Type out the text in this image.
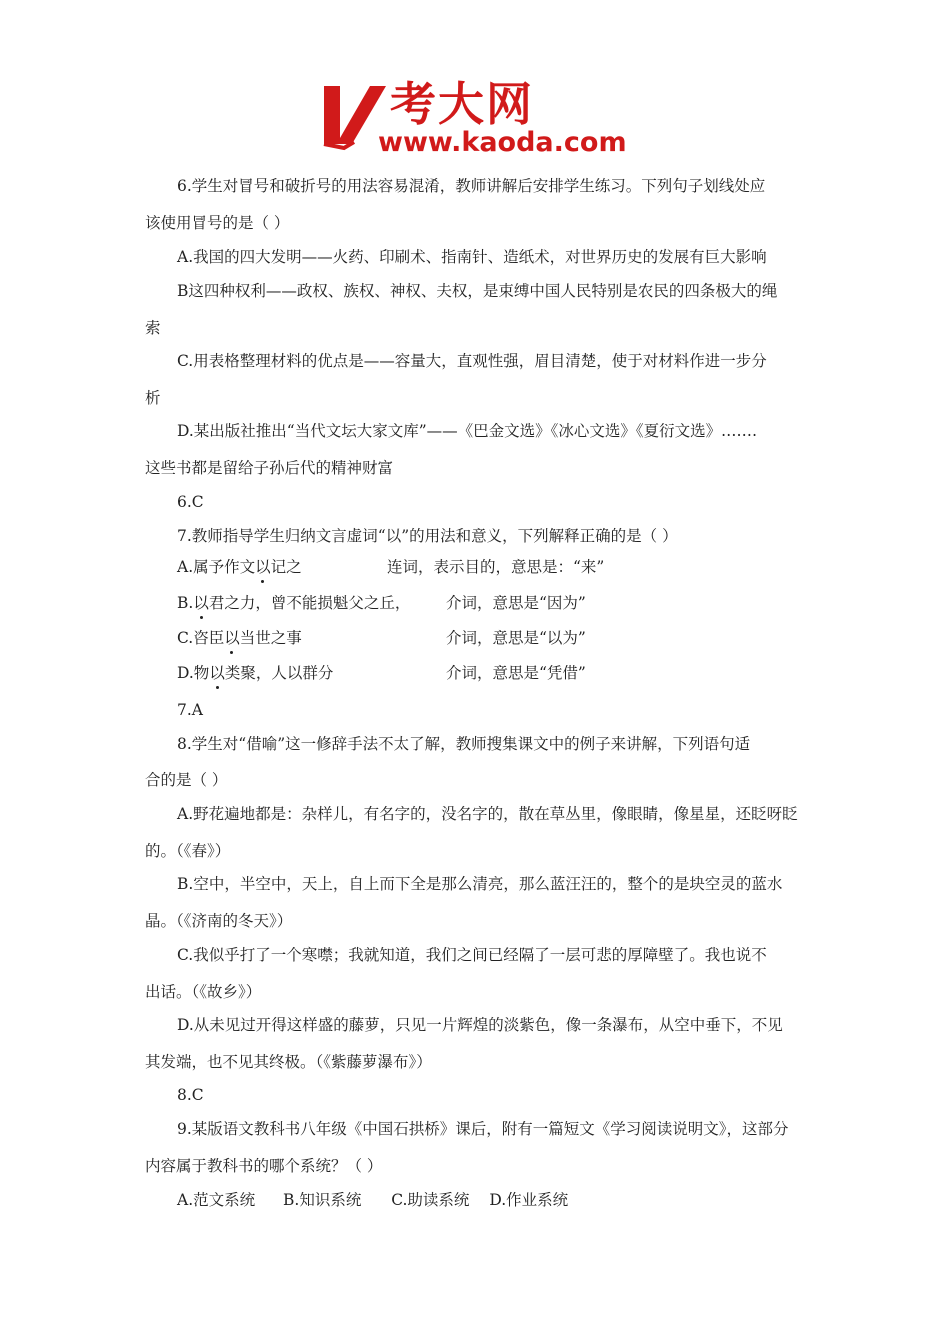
考大网
www.kaoda.com
6.学生对冒号和破折号的用法容易混淆，教师讲解后安排学生练习。下列句子划线处应
该使用冒号的是（ ）
A.我国的四大发明——火药、印刷术、指南针、造纸术，对世界历史的发展有巨大影响
B这四种权利——政权、族权、神权、夫权，是束缚中国人民特别是农民的四条极大的绳
索
C.用表格整理材料的优点是——容量大，直观性强，眉目清楚，使于对材料作进一步分
析
D.某出版社推出“当代文坛大家文库”——《巴金文选》《冰心文选》《夏衍文选》.……
这些书都是留给子孙后代的精神财富
6.C
7.教师指导学生归纳文言虚词“以”的用法和意义，下列解释正确的是（ ）
A.属予作文以记之	连词，表示目的，意思是：“来”
B.以君之力，曾不能损魁父之丘， 介词，意思是“因为”
C.咨臣以当世之事	介词，意思是“以为”
D.物以类聚，人以群分	介词，意思是“凭借”
7.A
8.学生对“借喻”这一修辞手法不太了解，教师搜集课文中的例子来讲解，下列语句适
合的是（ ）
A.野花遍地都是：杂样儿，有名字的，没名字的，散在草丛里，像眼睛，像星星，还眨呀眨
的。（《春》）
B.空中，半空中，天上，自上而下全是那么清亮，那么蓝汪汪的，整个的是块空灵的蓝水
晶。（《济南的冬天》）
C.我似乎打了一个寒噤；我就知道，我们之间已经隔了一层可悲的厚障壁了。我也说不
出话。（《故乡》）
D.从未见过开得这样盛的藤萝，只见一片辉煌的淡紫色，像一条瀑布，从空中垂下，不见
其发端，也不见其终极。（《紫藤萝瀑布》）
8.C
9.某版语文教科书八年级《中国石拱桥》课后，附有一篇短文《学习阅读说明文》，这部分
内容属于教科书的哪个系统？（ ）
A.范文系统 B.知识系统 C.助读系统 D.作业系统
